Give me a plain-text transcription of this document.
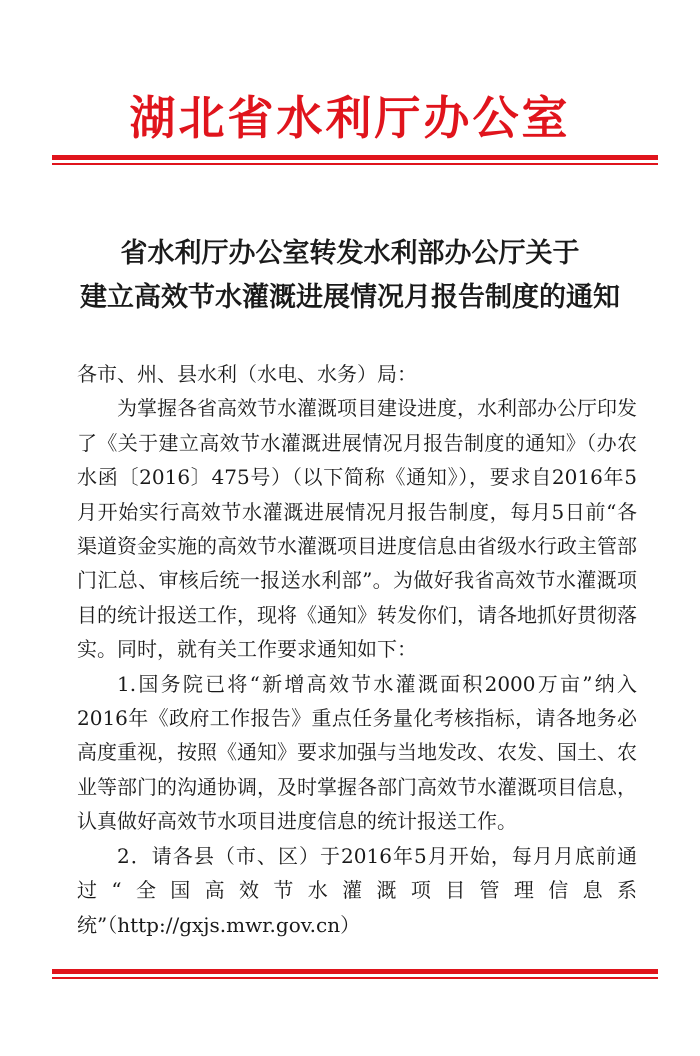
湖北省水利厅办公室
省水利厅办公室转发水利部办公厅关于
建立高效节水灌溉进展情况月报告制度的通知

各市、州、县水利（水电、水务）局：

为掌握各省高效节水灌溉项目建设进度，水利部办公厅印发了《关于建立高效节水灌溉进展情况月报告制度的通知》（办农水函〔2016〕475号）（以下简称《通知》），要求自2016年5月开始实行高效节水灌溉进展情况月报告制度，每月5日前“各渠道资金实施的高效节水灌溉项目进度信息由省级水行政主管部门汇总、审核后统一报送水利部”。为做好我省高效节水灌溉项目的统计报送工作，现将《通知》转发你们，请各地抓好贯彻落实。同时，就有关工作要求通知如下：

1.国务院已将“新增高效节水灌溉面积2000万亩”纳入2016年《政府工作报告》重点任务量化考核指标，请各地务必高度重视，按照《通知》要求加强与当地发改、农发、国土、农业等部门的沟通协调，及时掌握各部门高效节水灌溉项目信息，认真做好高效节水项目进度信息的统计报送工作。

2．请各县（市、区）于2016年5月开始，每月月底前通过“全国高效节水灌溉项目管理信息系统”（http://gxjs.mwr.gov.cn）
